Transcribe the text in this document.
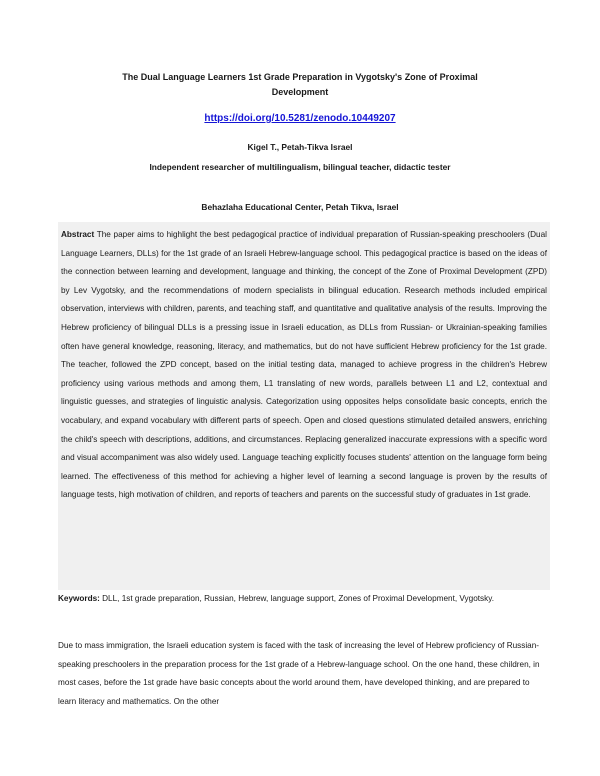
The Dual Language Learners 1st Grade Preparation in Vygotsky's Zone of Proximal Development
https://doi.org/10.5281/zenodo.10449207
Kigel T., Petah-Tikva Israel
Independent researcher of multilingualism, bilingual teacher, didactic tester
Behazlaha Educational Center, Petah Tikva, Israel
Abstract The paper aims to highlight the best pedagogical practice of individual preparation of Russian-speaking preschoolers (Dual Language Learners, DLLs) for the 1st grade of an Israeli Hebrew-language school. This pedagogical practice is based on the ideas of the connection between learning and development, language and thinking, the concept of the Zone of Proximal Development (ZPD) by Lev Vygotsky, and the recommendations of modern specialists in bilingual education. Research methods included empirical observation, interviews with children, parents, and teaching staff, and quantitative and qualitative analysis of the results. Improving the Hebrew proficiency of bilingual DLLs is a pressing issue in Israeli education, as DLLs from Russian- or Ukrainian-speaking families often have general knowledge, reasoning, literacy, and mathematics, but do not have sufficient Hebrew proficiency for the 1st grade. The teacher, followed the ZPD concept, based on the initial testing data, managed to achieve progress in the children's Hebrew proficiency using various methods and among them, L1 translating of new words, parallels between L1 and L2, contextual and linguistic guesses, and strategies of linguistic analysis. Categorization using opposites helps consolidate basic concepts, enrich the vocabulary, and expand vocabulary with different parts of speech. Open and closed questions stimulated detailed answers, enriching the child's speech with descriptions, additions, and circumstances. Replacing generalized inaccurate expressions with a specific word and visual accompaniment was also widely used. Language teaching explicitly focuses students' attention on the language form being learned. The effectiveness of this method for achieving a higher level of learning a second language is proven by the results of language tests, high motivation of children, and reports of teachers and parents on the successful study of graduates in 1st grade.
Keywords: DLL, 1st grade preparation, Russian, Hebrew, language support, Zones of Proximal Development, Vygotsky.
Due to mass immigration, the Israeli education system is faced with the task of increasing the level of Hebrew proficiency of Russian-speaking preschoolers in the preparation process for the 1st grade of a Hebrew-language school. On the one hand, these children, in most cases, before the 1st grade have basic concepts about the world around them, have developed thinking, and are prepared to learn literacy and mathematics. On the other
